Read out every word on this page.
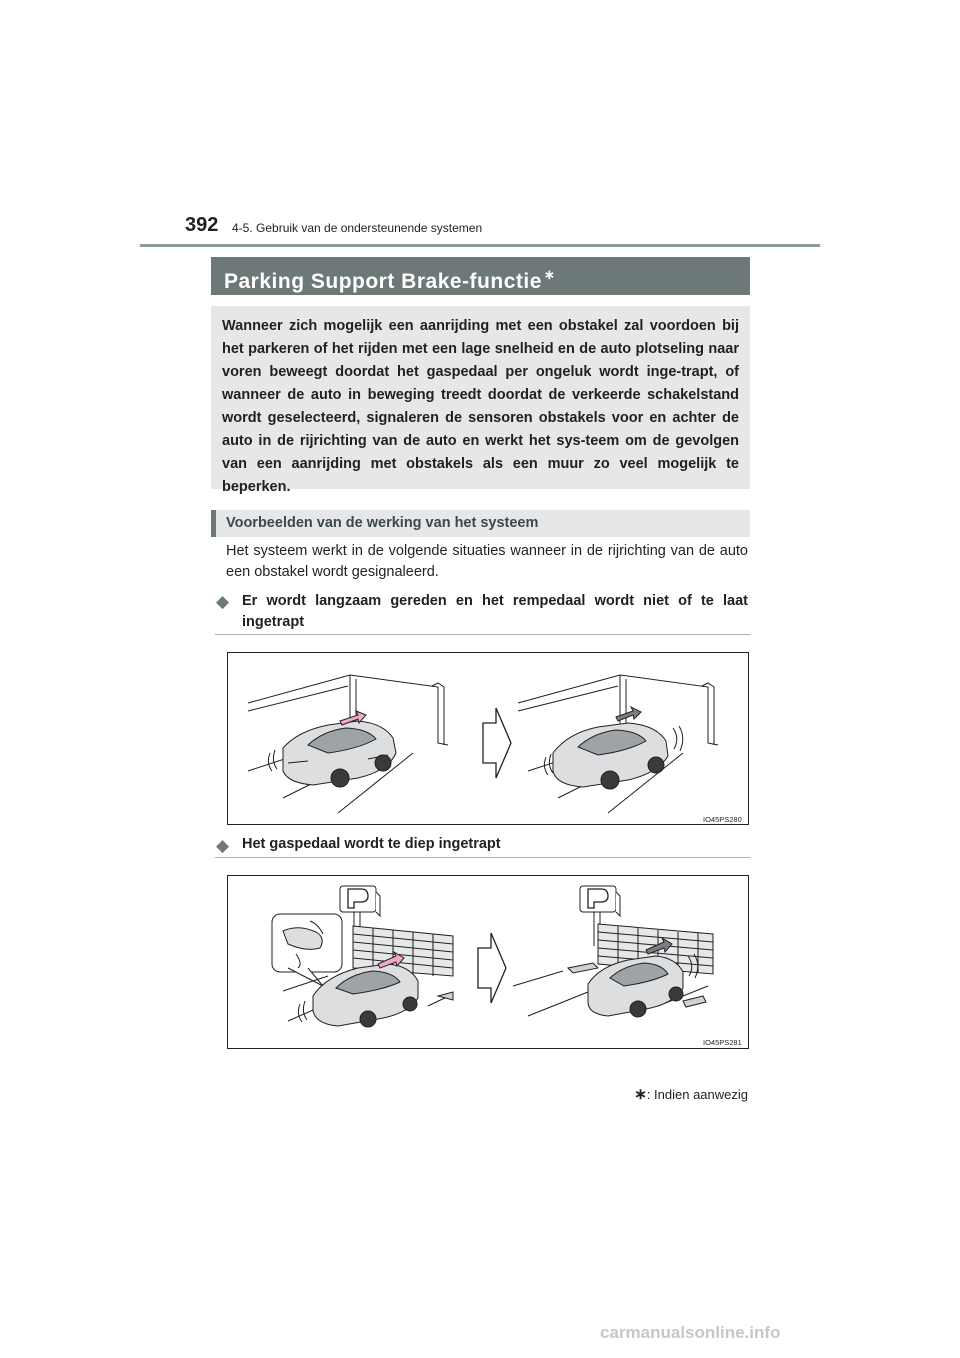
392 4-5. Gebruik van de ondersteunende systemen
Parking Support Brake-functie ∗
Wanneer zich mogelijk een aanrijding met een obstakel zal voordoen bij het parkeren of het rijden met een lage snelheid en de auto plotseling naar voren beweegt doordat het gaspedaal per ongeluk wordt inge-trapt, of wanneer de auto in beweging treedt doordat de verkeerde schakelstand wordt geselecteerd, signaleren de sensoren obstakels voor en achter de auto in de rijrichting van de auto en werkt het sys-teem om de gevolgen van een aanrijding met obstakels als een muur zo veel mogelijk te beperken.
Voorbeelden van de werking van het systeem
Het systeem werkt in de volgende situaties wanneer in de rijrichting van de auto een obstakel wordt gesignaleerd.
◆ Er wordt langzaam gereden en het rempedaal wordt niet of te laat ingetrapt
IO45PS280
◆ Het gaspedaal wordt te diep ingetrapt
IO45PS281
∗: Indien aanwezig
carmanualsonline.info
